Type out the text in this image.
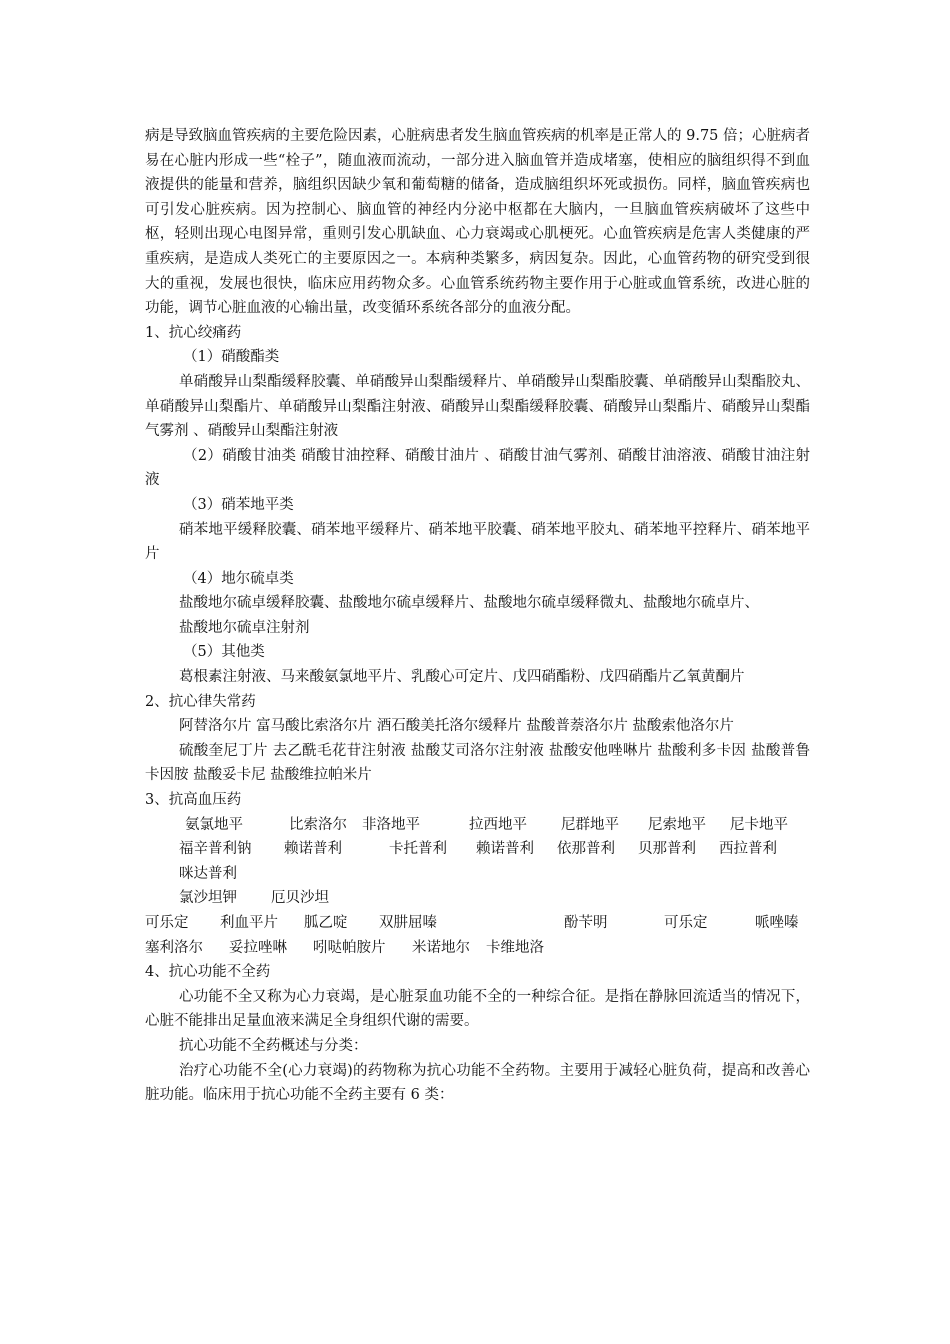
病是导致脑血管疾病的主要危险因素，心脏病患者发生脑血管疾病的机率是正常人的 9.75 倍；心脏病者易在心脏内形成一些“栓子”，随血液而流动，一部分进入脑血管并造成堵塞，使相应的脑组织得不到血液提供的能量和营养，脑组织因缺少氧和葡萄糖的储备，造成脑组织坏死或损伤。同样，脑血管疾病也可引发心脏疾病。因为控制心、脑血管的神经内分泌中枢都在大脑内，一旦脑血管疾病破坏了这些中枢，轻则出现心电图异常，重则引发心肌缺血、心力衰竭或心肌梗死。心血管疾病是危害人类健康的严重疾病，是造成人类死亡的主要原因之一。本病种类繁多，病因复杂。因此，心血管药物的研究受到很大的重视，发展也很快，临床应用药物众多。心血管系统药物主要作用于心脏或血管系统，改进心脏的功能，调节心脏血液的心输出量，改变循环系统各部分的血液分配。

1、抗心绞痛药

（1）硝酸酯类

单硝酸异山梨酯缓释胶囊、单硝酸异山梨酯缓释片、单硝酸异山梨酯胶囊、单硝酸异山梨酯胶丸、单硝酸异山梨酯片、单硝酸异山梨酯注射液、硝酸异山梨酯缓释胶囊、硝酸异山梨酯片、硝酸异山梨酯气雾剂 、硝酸异山梨酯注射液

（2）硝酸甘油类 硝酸甘油控释、硝酸甘油片 、硝酸甘油气雾剂、硝酸甘油溶液、硝酸甘油注射液

（3）硝苯地平类

硝苯地平缓释胶囊、硝苯地平缓释片、硝苯地平胶囊、硝苯地平胶丸、硝苯地平控释片、硝苯地平片

（4）地尔硫卓类

盐酸地尔硫卓缓释胶囊、盐酸地尔硫卓缓释片、盐酸地尔硫卓缓释微丸、盐酸地尔硫卓片、

盐酸地尔硫卓注射剂

（5）其他类

葛根素注射液、马来酸氨氯地平片、乳酸心可定片、戊四硝酯粉、戊四硝酯片乙氧黄酮片

2、抗心律失常药

阿替洛尔片 富马酸比索洛尔片 酒石酸美托洛尔缓释片 盐酸普萘洛尔片 盐酸索他洛尔片

硫酸奎尼丁片 去乙酰毛花苷注射液 盐酸艾司洛尔注射液 盐酸安他唑啉片 盐酸利多卡因 盐酸普鲁卡因胺 盐酸妥卡尼 盐酸维拉帕米片

3、抗高血压药

氨氯地平	比索洛尔	非洛地平	拉西地平	尼群地平	尼索地平	尼卡地平
福辛普利钠	赖诺普利	卡托普利	赖诺普利	依那普利	贝那普利	西拉普利

咪达普利

氯沙坦钾	厄贝沙坦
可乐定	利血平片	胍乙啶	双肼屈嗪	酚苄明	可乐定	哌唑嗪
塞利洛尔	妥拉唑啉	吲哒帕胺片	米诺地尔	卡维地洛

4、抗心功能不全药

心功能不全又称为心力衰竭，是心脏泵血功能不全的一种综合征。是指在静脉回流适当的情况下，心脏不能排出足量血液来满足全身组织代谢的需要。

抗心功能不全药概述与分类：

治疗心功能不全(心力衰竭)的药物称为抗心功能不全药物。主要用于减轻心脏负荷，提高和改善心脏功能。临床用于抗心功能不全药主要有 6 类：
